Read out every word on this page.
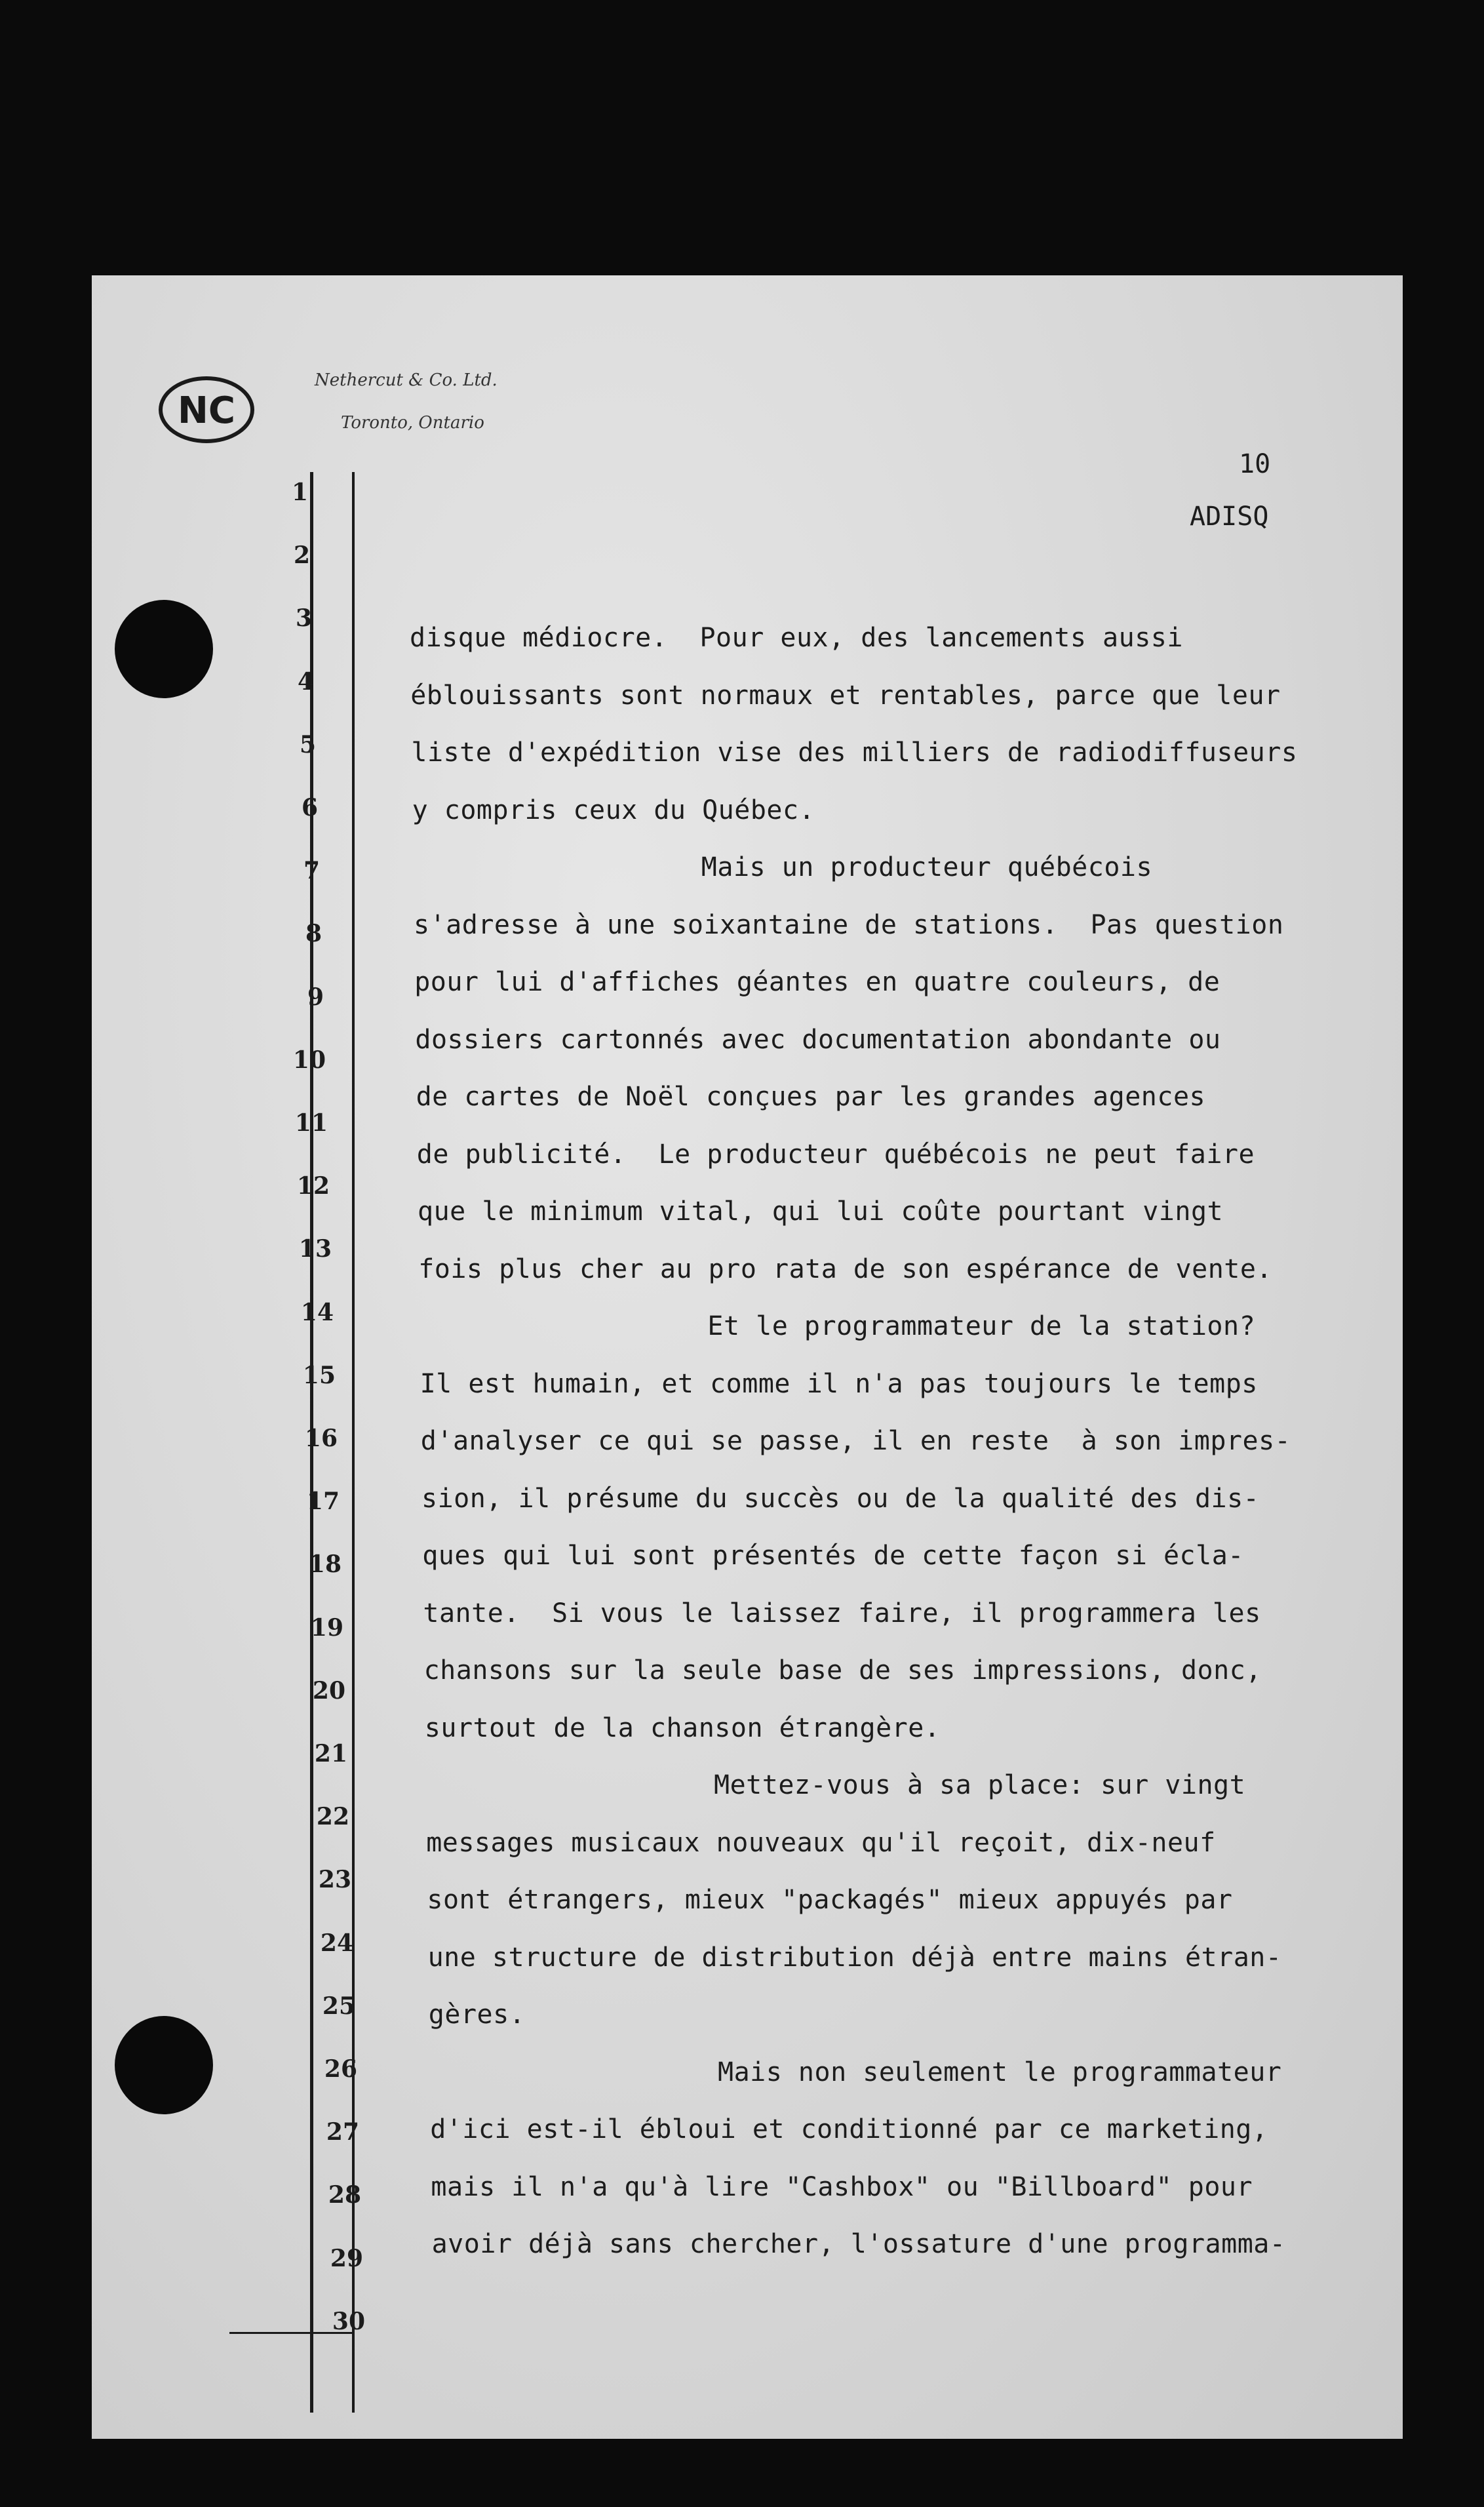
NC
Nethercut & Co. Ltd.
Toronto, Ontario
10
ADISQ
1
2
3
4
5
6
7
8
9
10
11
12
13
14
15
16
17
18
19
20
21
22
23
24
25
26
27
28
29
30
disque médiocre.  Pour eux, des lancements aussi
éblouissants sont normaux et rentables, parce que leur
liste d'expédition vise des milliers de radiodiffuseurs
y compris ceux du Québec.
Mais un producteur québécois
s'adresse à une soixantaine de stations.  Pas question
pour lui d'affiches géantes en quatre couleurs, de
dossiers cartonnés avec documentation abondante ou
de cartes de Noël conçues par les grandes agences
de publicité.  Le producteur québécois ne peut faire
que le minimum vital, qui lui coûte pourtant vingt
fois plus cher au pro rata de son espérance de vente.
Et le programmateur de la station?
Il est humain, et comme il n'a pas toujours le temps
d'analyser ce qui se passe, il en reste  à son impres-
sion, il présume du succès ou de la qualité des dis-
ques qui lui sont présentés de cette façon si écla-
tante.  Si vous le laissez faire, il programmera les
chansons sur la seule base de ses impressions, donc,
surtout de la chanson étrangère.
Mettez-vous à sa place: sur vingt
messages musicaux nouveaux qu'il reçoit, dix-neuf
sont étrangers, mieux "packagés" mieux appuyés par
une structure de distribution déjà entre mains étran-
gères.
Mais non seulement le programmateur
d'ici est-il ébloui et conditionné par ce marketing,
mais il n'a qu'à lire "Cashbox" ou "Billboard" pour
avoir déjà sans chercher, l'ossature d'une programma-
